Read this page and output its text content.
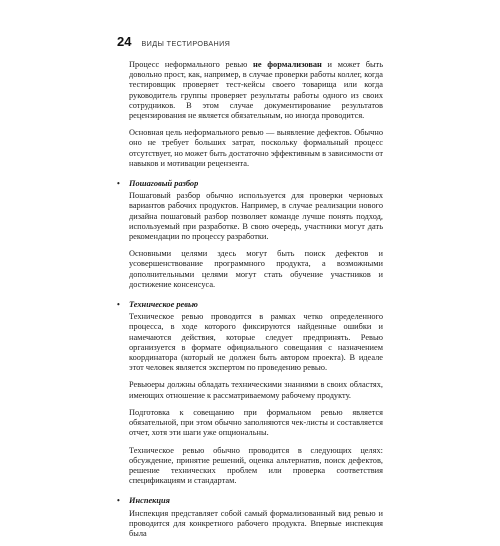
24 ВИДЫ ТЕСТИРОВАНИЯ

Процесс неформального ревью не формализован и может быть довольно прост, как, например, в случае проверки работы коллег, когда тестировщик проверяет тест-кейсы своего товарища или когда руководитель группы проверяет результаты работы одного из своих сотрудников. В этом случае документирование результатов рецензирования не является обязательным, но иногда проводится.

Основная цель неформального ревью — выявление дефектов. Обычно оно не требует больших затрат, поскольку формальный процесс отсутствует, но может быть достаточно эффективным в зависимости от навыков и мотивации рецензента.

• Пошаговый разбор

Пошаговый разбор обычно используется для проверки черновых вариантов рабочих продуктов. Например, в случае реализации нового дизайна пошаговый разбор позволяет команде лучше понять подход, используемый при разработке. В свою очередь, участники могут дать рекомендации по процессу разработки.

Основными целями здесь могут быть поиск дефектов и усовершенствование программного продукта, а возможными дополнительными целями могут стать обучение участников и достижение консенсуса.

• Техническое ревью

Техническое ревью проводится в рамках четко определенного процесса, в ходе которого фиксируются найденные ошибки и намечаются действия, которые следует предпринять. Ревью организуется в формате официального совещания с назначением координатора (который не должен быть автором проекта). В идеале этот человек является экспертом по проведению ревью.

Ревьюеры должны обладать техническими знаниями в своих областях, имеющих отношение к рассматриваемому рабочему продукту.

Подготовка к совещанию при формальном ревью является обязательной, при этом обычно заполняются чек-листы и составляется отчет, хотя эти шаги уже опциональны.

Техническое ревью обычно проводится в следующих целях: обсуждение, принятие решений, оценка альтернатив, поиск дефектов, решение технических проблем или проверка соответствия спецификациям и стандартам.

• Инспекция

Инспекция представляет собой самый формализованный вид ревью и проводится для конкретного рабочего продукта. Впервые инспекция была
